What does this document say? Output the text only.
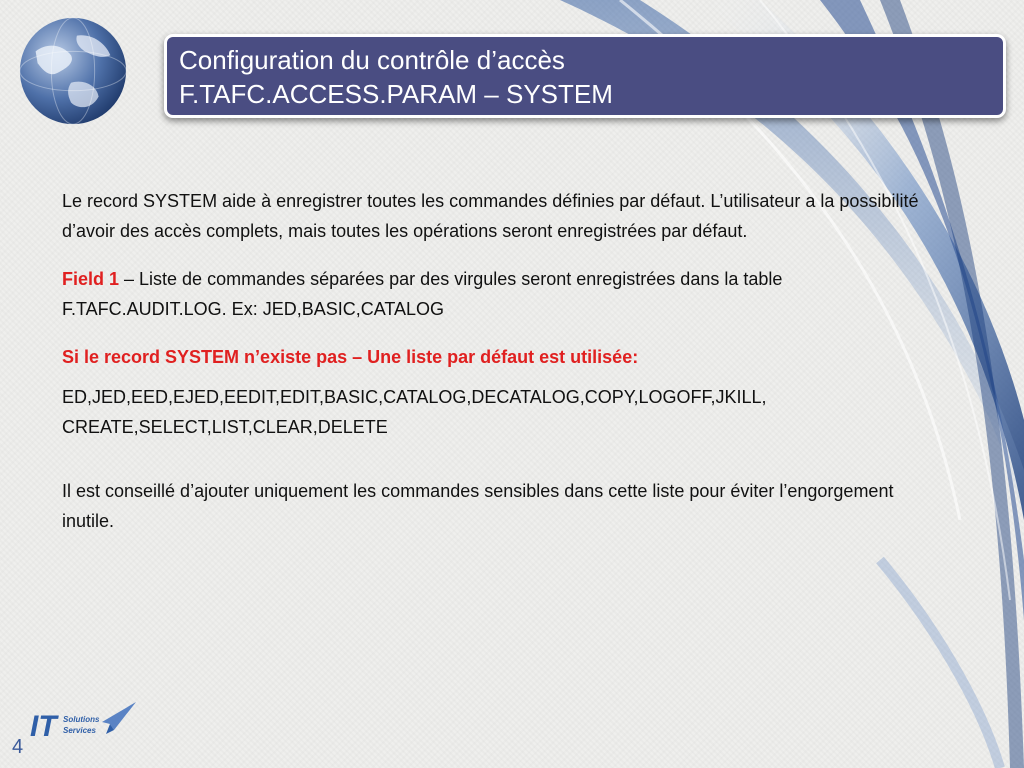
Configuration du contrôle d’accès
F.TAFC.ACCESS.PARAM – SYSTEM

Le record SYSTEM aide à enregistrer toutes les commandes définies par défaut. L’utilisateur a la possibilité d’avoir des accès complets, mais toutes les opérations seront enregistrées par défaut.

Field 1 – Liste de commandes séparées par des virgules seront enregistrées dans la table F.TAFC.AUDIT.LOG. Ex: JED,BASIC,CATALOG

Si le record SYSTEM n’existe pas – Une liste par défaut est utilisée:

ED,JED,EED,EJED,EEDIT,EDIT,BASIC,CATALOG,DECATALOG,COPY,LOGOFF,JKILL, CREATE,SELECT,LIST,CLEAR,DELETE

Il est conseillé d’ajouter uniquement les commandes sensibles dans cette liste pour éviter l’engorgement inutile.

IT Solutions
Services
4
